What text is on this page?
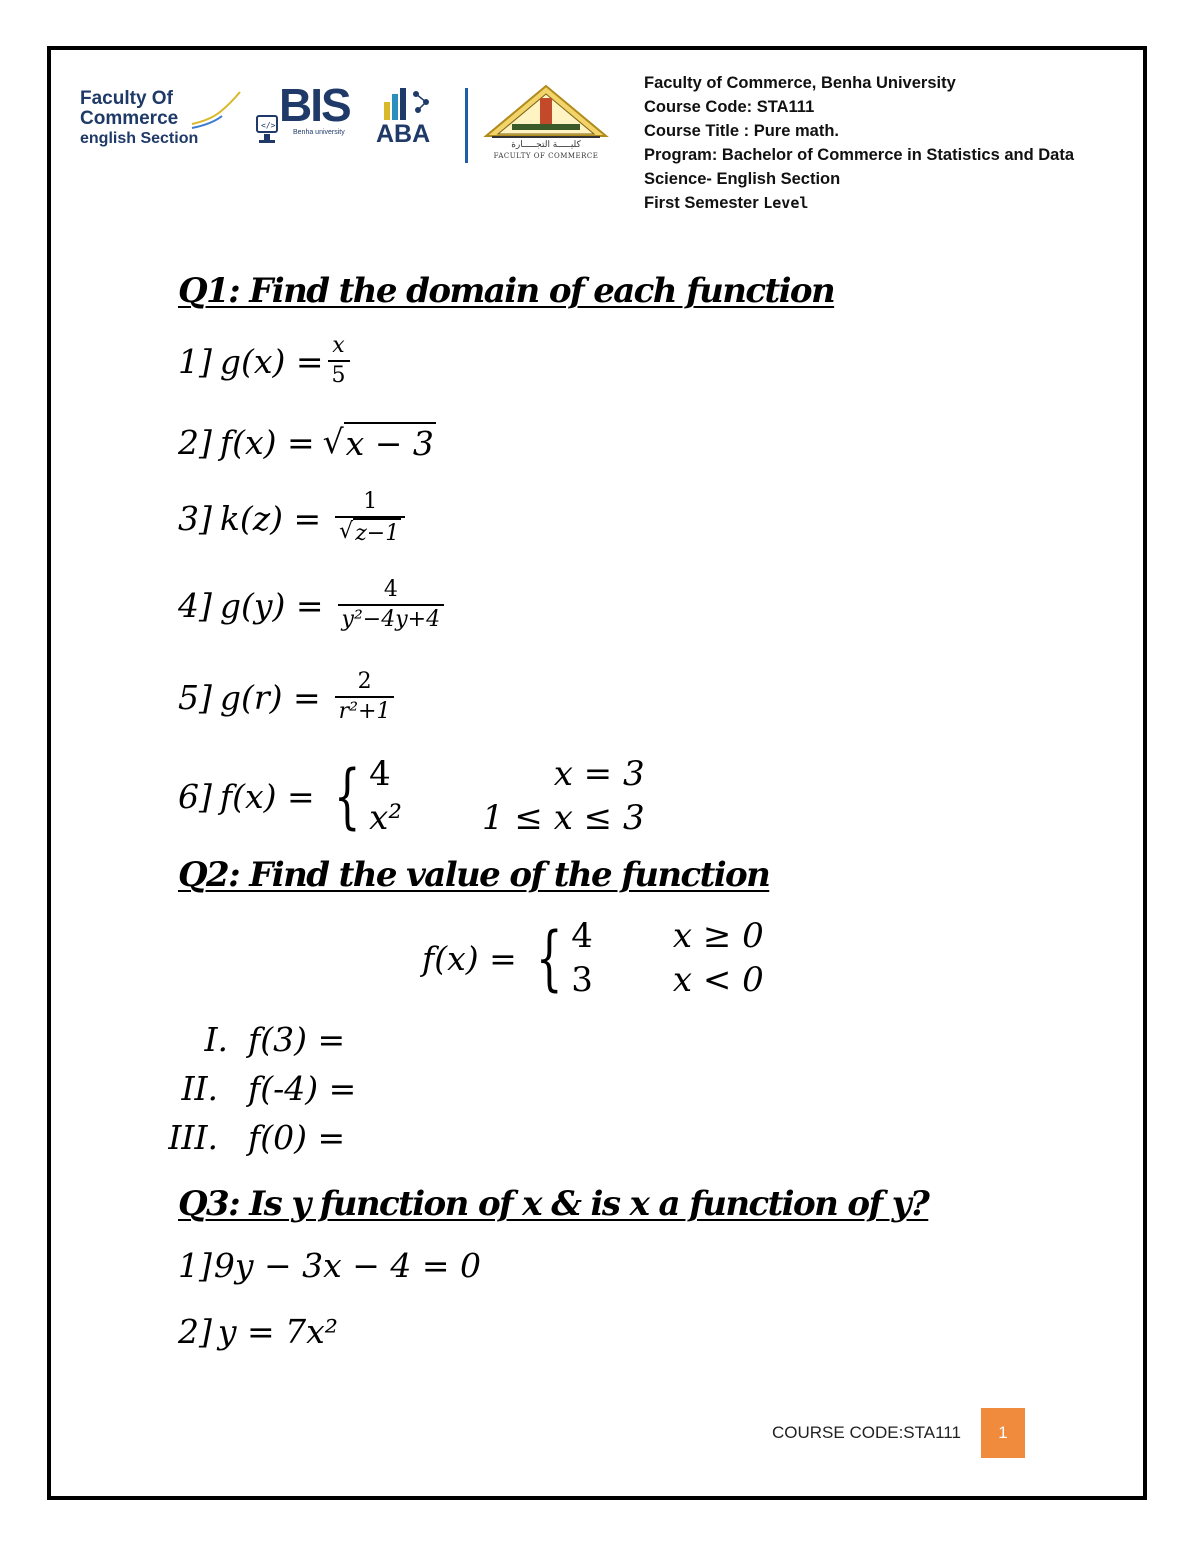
Faculty Of
Commerce
english Section
</> BIS
Benha university ABA	كليـــــة التجـــــارة
FACULTY OF COMMERCE
Faculty of Commerce, Benha University
Course Code: STA111
Course Title : Pure math.
Program: Bachelor of Commerce in Statistics and Data
Science- English Section
First Semester Level
Q1: Find the domain of each function
1] $g(x) = \frac{x}{5}$
2] f(x) = √ x − 3
3] $k(z) = \frac{1}{√ z-1}$
4] $g(y) = \frac{4}{\text{y²−4y+4}}$
5] $g(r) = \frac{2}{\text{r²+1}}$
6] f(x) = { 4	x = 3
x² 1 ≤ x ≤ 3
Q2: Find the value of the function
f(x) = { 4 x ≥ 0
3 x < 0
I. f(3) =
II. f(-4) =
III. f(0) =
Q3: Is y function of x & is x a function of y?
1] 9y − 3x − 4 = 0
2] y = 7x²
COURSE CODE:STA111	1
